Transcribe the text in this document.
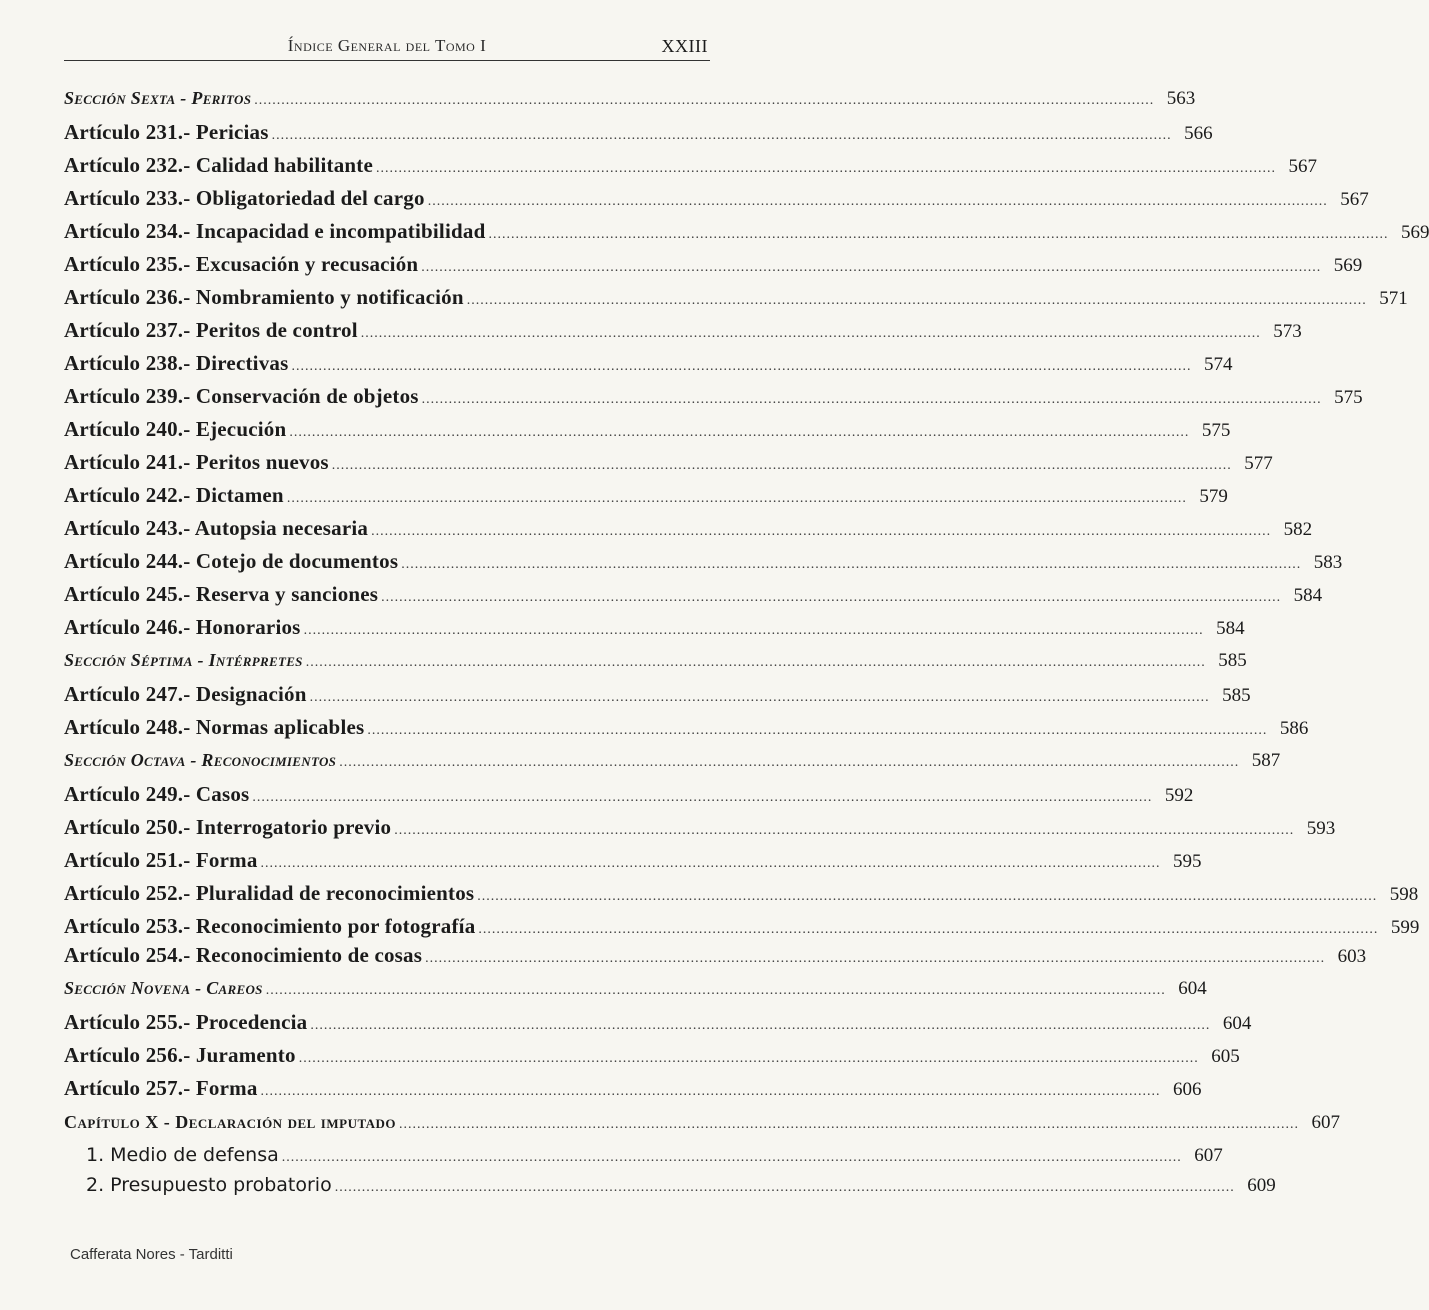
Índice General del Tomo I	XXIII
Sección Sexta - Peritos ........................................................................................................................................................................................................ 563
Artículo 231.- Pericias ........................................................................................................................................................................................................ 566
Artículo 232.- Calidad habilitante ........................................................................................................................................................................................................ 567
Artículo 233.- Obligatoriedad del cargo ........................................................................................................................................................................................................ 567
Artículo 234.- Incapacidad e incompatibilidad ........................................................................................................................................................................................................ 569
Artículo 235.- Excusación y recusación ........................................................................................................................................................................................................ 569
Artículo 236.- Nombramiento y notificación ........................................................................................................................................................................................................ 571
Artículo 237.- Peritos de control ........................................................................................................................................................................................................ 573
Artículo 238.- Directivas ........................................................................................................................................................................................................ 574
Artículo 239.- Conservación de objetos ........................................................................................................................................................................................................ 575
Artículo 240.- Ejecución ........................................................................................................................................................................................................ 575
Artículo 241.- Peritos nuevos ........................................................................................................................................................................................................ 577
Artículo 242.- Dictamen ........................................................................................................................................................................................................ 579
Artículo 243.- Autopsia necesaria ........................................................................................................................................................................................................ 582
Artículo 244.- Cotejo de documentos ........................................................................................................................................................................................................ 583
Artículo 245.- Reserva y sanciones ........................................................................................................................................................................................................ 584
Artículo 246.- Honorarios ........................................................................................................................................................................................................ 584
Sección Séptima - Intérpretes ........................................................................................................................................................................................................ 585
Artículo 247.- Designación ........................................................................................................................................................................................................ 585
Artículo 248.- Normas aplicables ........................................................................................................................................................................................................ 586
Sección Octava - Reconocimientos ........................................................................................................................................................................................................ 587
Artículo 249.- Casos ........................................................................................................................................................................................................ 592
Artículo 250.- Interrogatorio previo ........................................................................................................................................................................................................ 593
Artículo 251.- Forma ........................................................................................................................................................................................................ 595
Artículo 252.- Pluralidad de reconocimientos ........................................................................................................................................................................................................ 598
Artículo 253.- Reconocimiento por fotografía ........................................................................................................................................................................................................ 599
Artículo 254.- Reconocimiento de cosas ........................................................................................................................................................................................................ 603
Sección Novena - Careos ........................................................................................................................................................................................................ 604
Artículo 255.- Procedencia ........................................................................................................................................................................................................ 604
Artículo 256.- Juramento ........................................................................................................................................................................................................ 605
Artículo 257.- Forma ........................................................................................................................................................................................................ 606
Capítulo X - Declaración del imputado ........................................................................................................................................................................................................ 607
1. Medio de defensa ........................................................................................................................................................................................................ 607
2. Presupuesto probatorio ........................................................................................................................................................................................................ 609
Cafferata Nores - Tarditti
